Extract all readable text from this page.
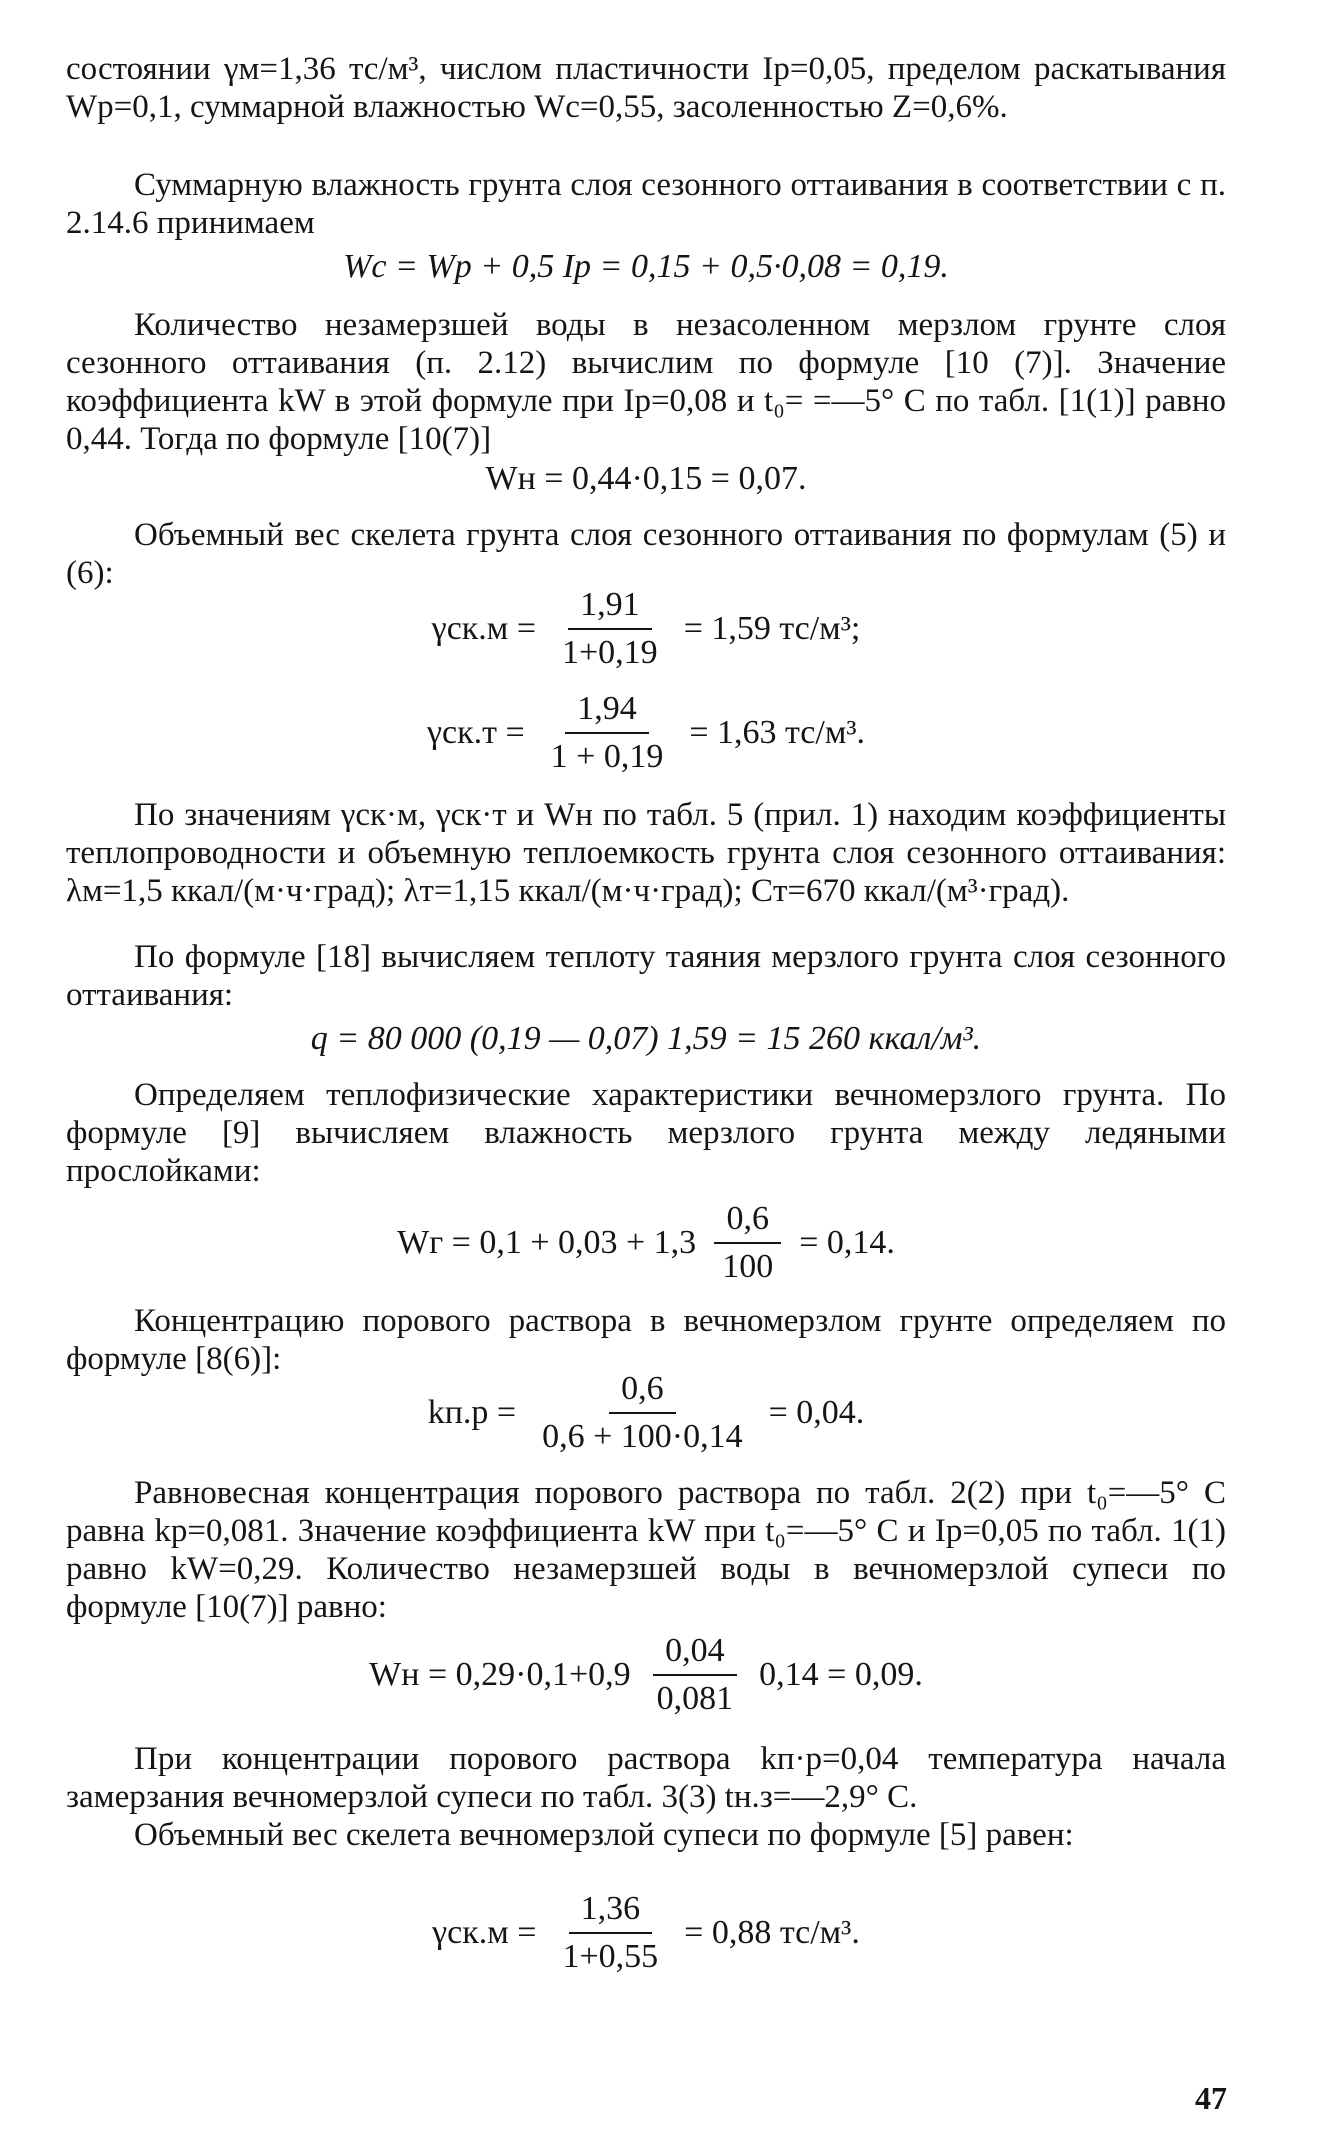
состоянии γм=1,36 тс/м³, числом пластичности Iр=0,05, пределом раскатывания Wр=0,1, суммарной влажностью Wс=0,55, засоленностью Z=0,6%.

Суммарную влажность грунта слоя сезонного оттаивания в соответствии с п. 2.14.6 принимаем

Wс = Wр + 0,5 Iр = 0,15 + 0,5·0,08 = 0,19.

Количество незамерзшей воды в незасоленном мерзлом грунте слоя сезонного оттаивания (п. 2.12) вычислим по формуле [10 (7)]. Значение коэффициента kW в этой формуле при Iр=0,08 и t₀= =—5° С по табл. [1(1)] равно 0,44. Тогда по формуле [10(7)]

Wн = 0,44·0,15 = 0,07.

Объемный вес скелета грунта слоя сезонного оттаивания по формулам (5) и (6):

$\gamma ск.м = \frac{1,91}{1+0,19} = 1,59$ тс/м³;
$\gamma ск.т = \frac{1,94}{1 + 0,19} = 1,63$ тс/м³.

По значениям γск·м, γск·т и Wн по табл. 5 (прил. 1) находим коэффициенты теплопроводности и объемную теплоемкость грунта слоя сезонного оттаивания: λм=1,5 ккал/(м·ч·град); λт=1,15 ккал/(м·ч·град); Cт=670 ккал/(м³·град).

По формуле [18] вычисляем теплоту таяния мерзлого грунта слоя сезонного оттаивания:

q = 80 000 (0,19 — 0,07) 1,59 = 15 260 ккал/м³.

Определяем теплофизические характеристики вечномерзлого грунта. По формуле [9] вычисляем влажность мерзлого грунта между ледяными прослойками:

Wг = $0,1 + 0,03 + 1,3 \frac{0,6}{100} = 0,14$.

Концентрацию порового раствора в вечномерзлом грунте определяем по формуле [8(6)]:

$kп.р = \frac{0,6}{0,6 + 100\cdot 0,14} = 0,04$.

Равновесная концентрация порового раствора по табл. 2(2) при t₀=—5° С равна kр=0,081. Значение коэффициента kW при t₀=—5° С и Iр=0,05 по табл. 1(1) равно kW=0,29. Количество незамерзшей воды в вечномерзлой супеси по формуле [10(7)] равно:

Wн = $0,29\cdot 0,1+0,9 \frac{0,04}{0,081} 0,14 = 0,09$.

При концентрации порового раствора kп·р=0,04 температура начала замерзания вечномерзлой супеси по табл. 3(3) tн.з=—2,9° С.

Объемный вес скелета вечномерзлой супеси по формуле [5] равен:

$\gamma ск.м = \frac{1,36}{1+0,55} = 0,88$ тс/м³.
47
